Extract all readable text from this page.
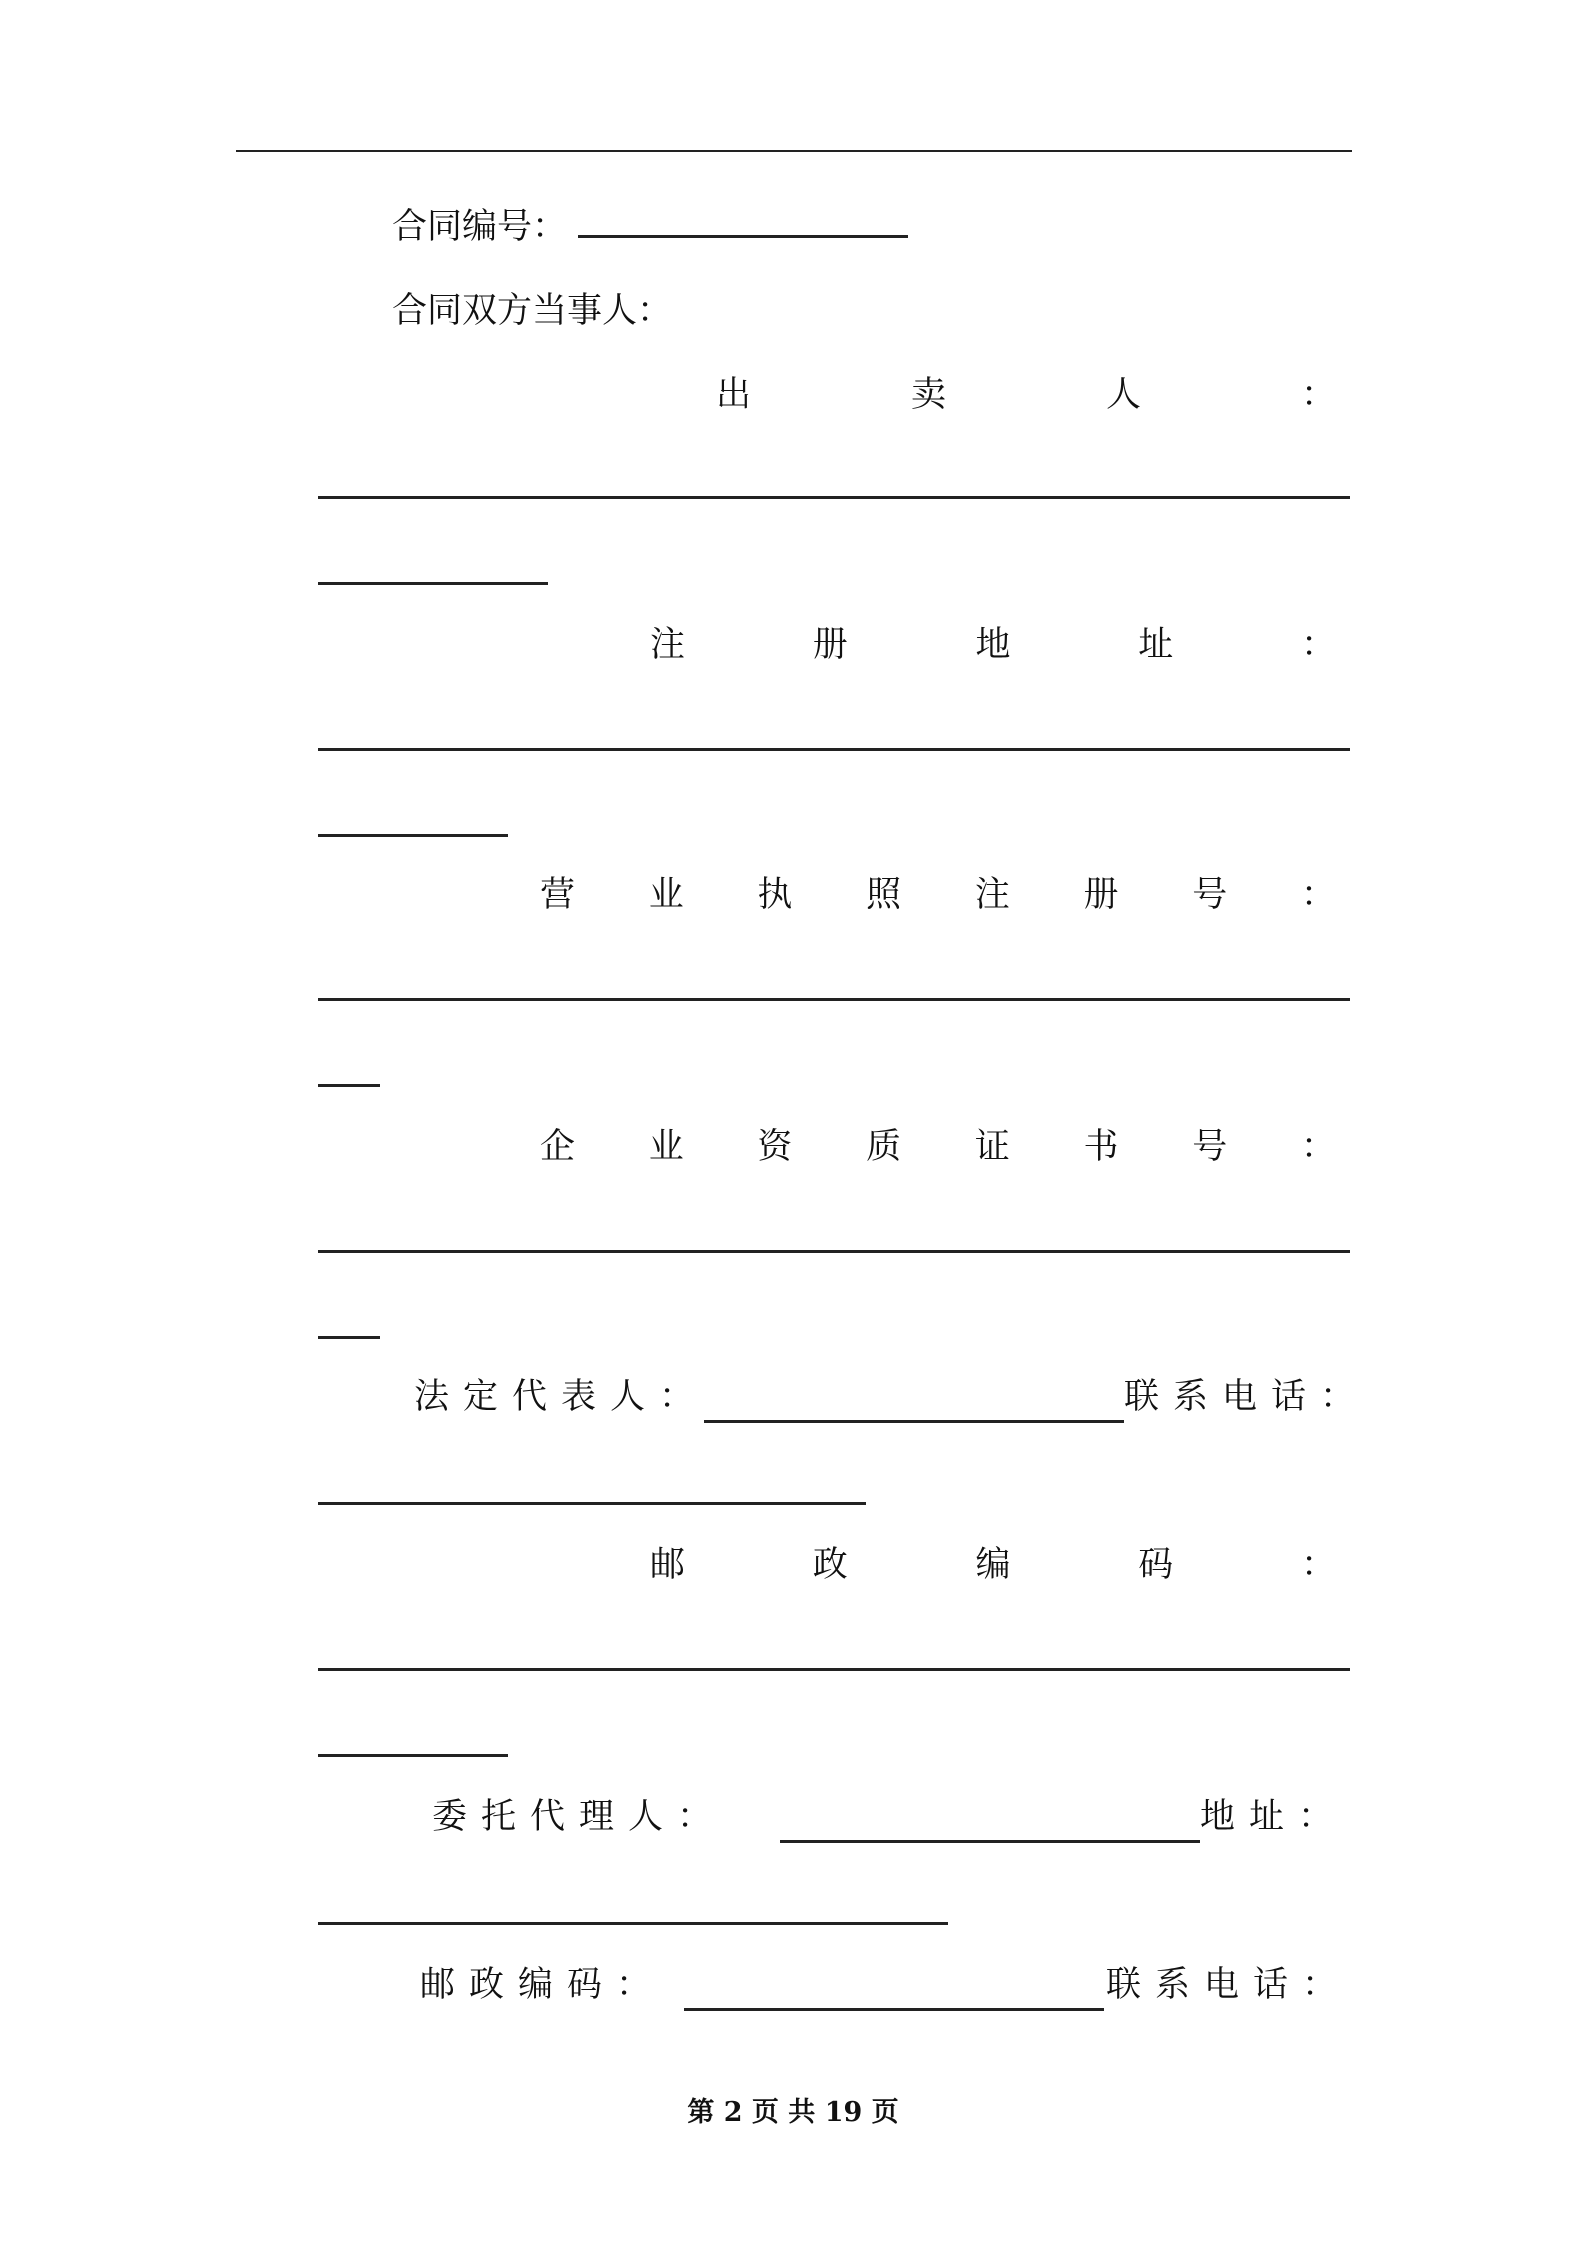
合同编号：
合同双方当事人：
出	卖	人	：
注	册	地	址	：
营 业 执 照 注 册 号 ：
企 业 资 质 证 书 号 ：
法定代表人：	联系电话：
邮	政	编	码	：
委托代理人：	地址：
邮政编码：	联系电话：
第 2 页 共 19 页
